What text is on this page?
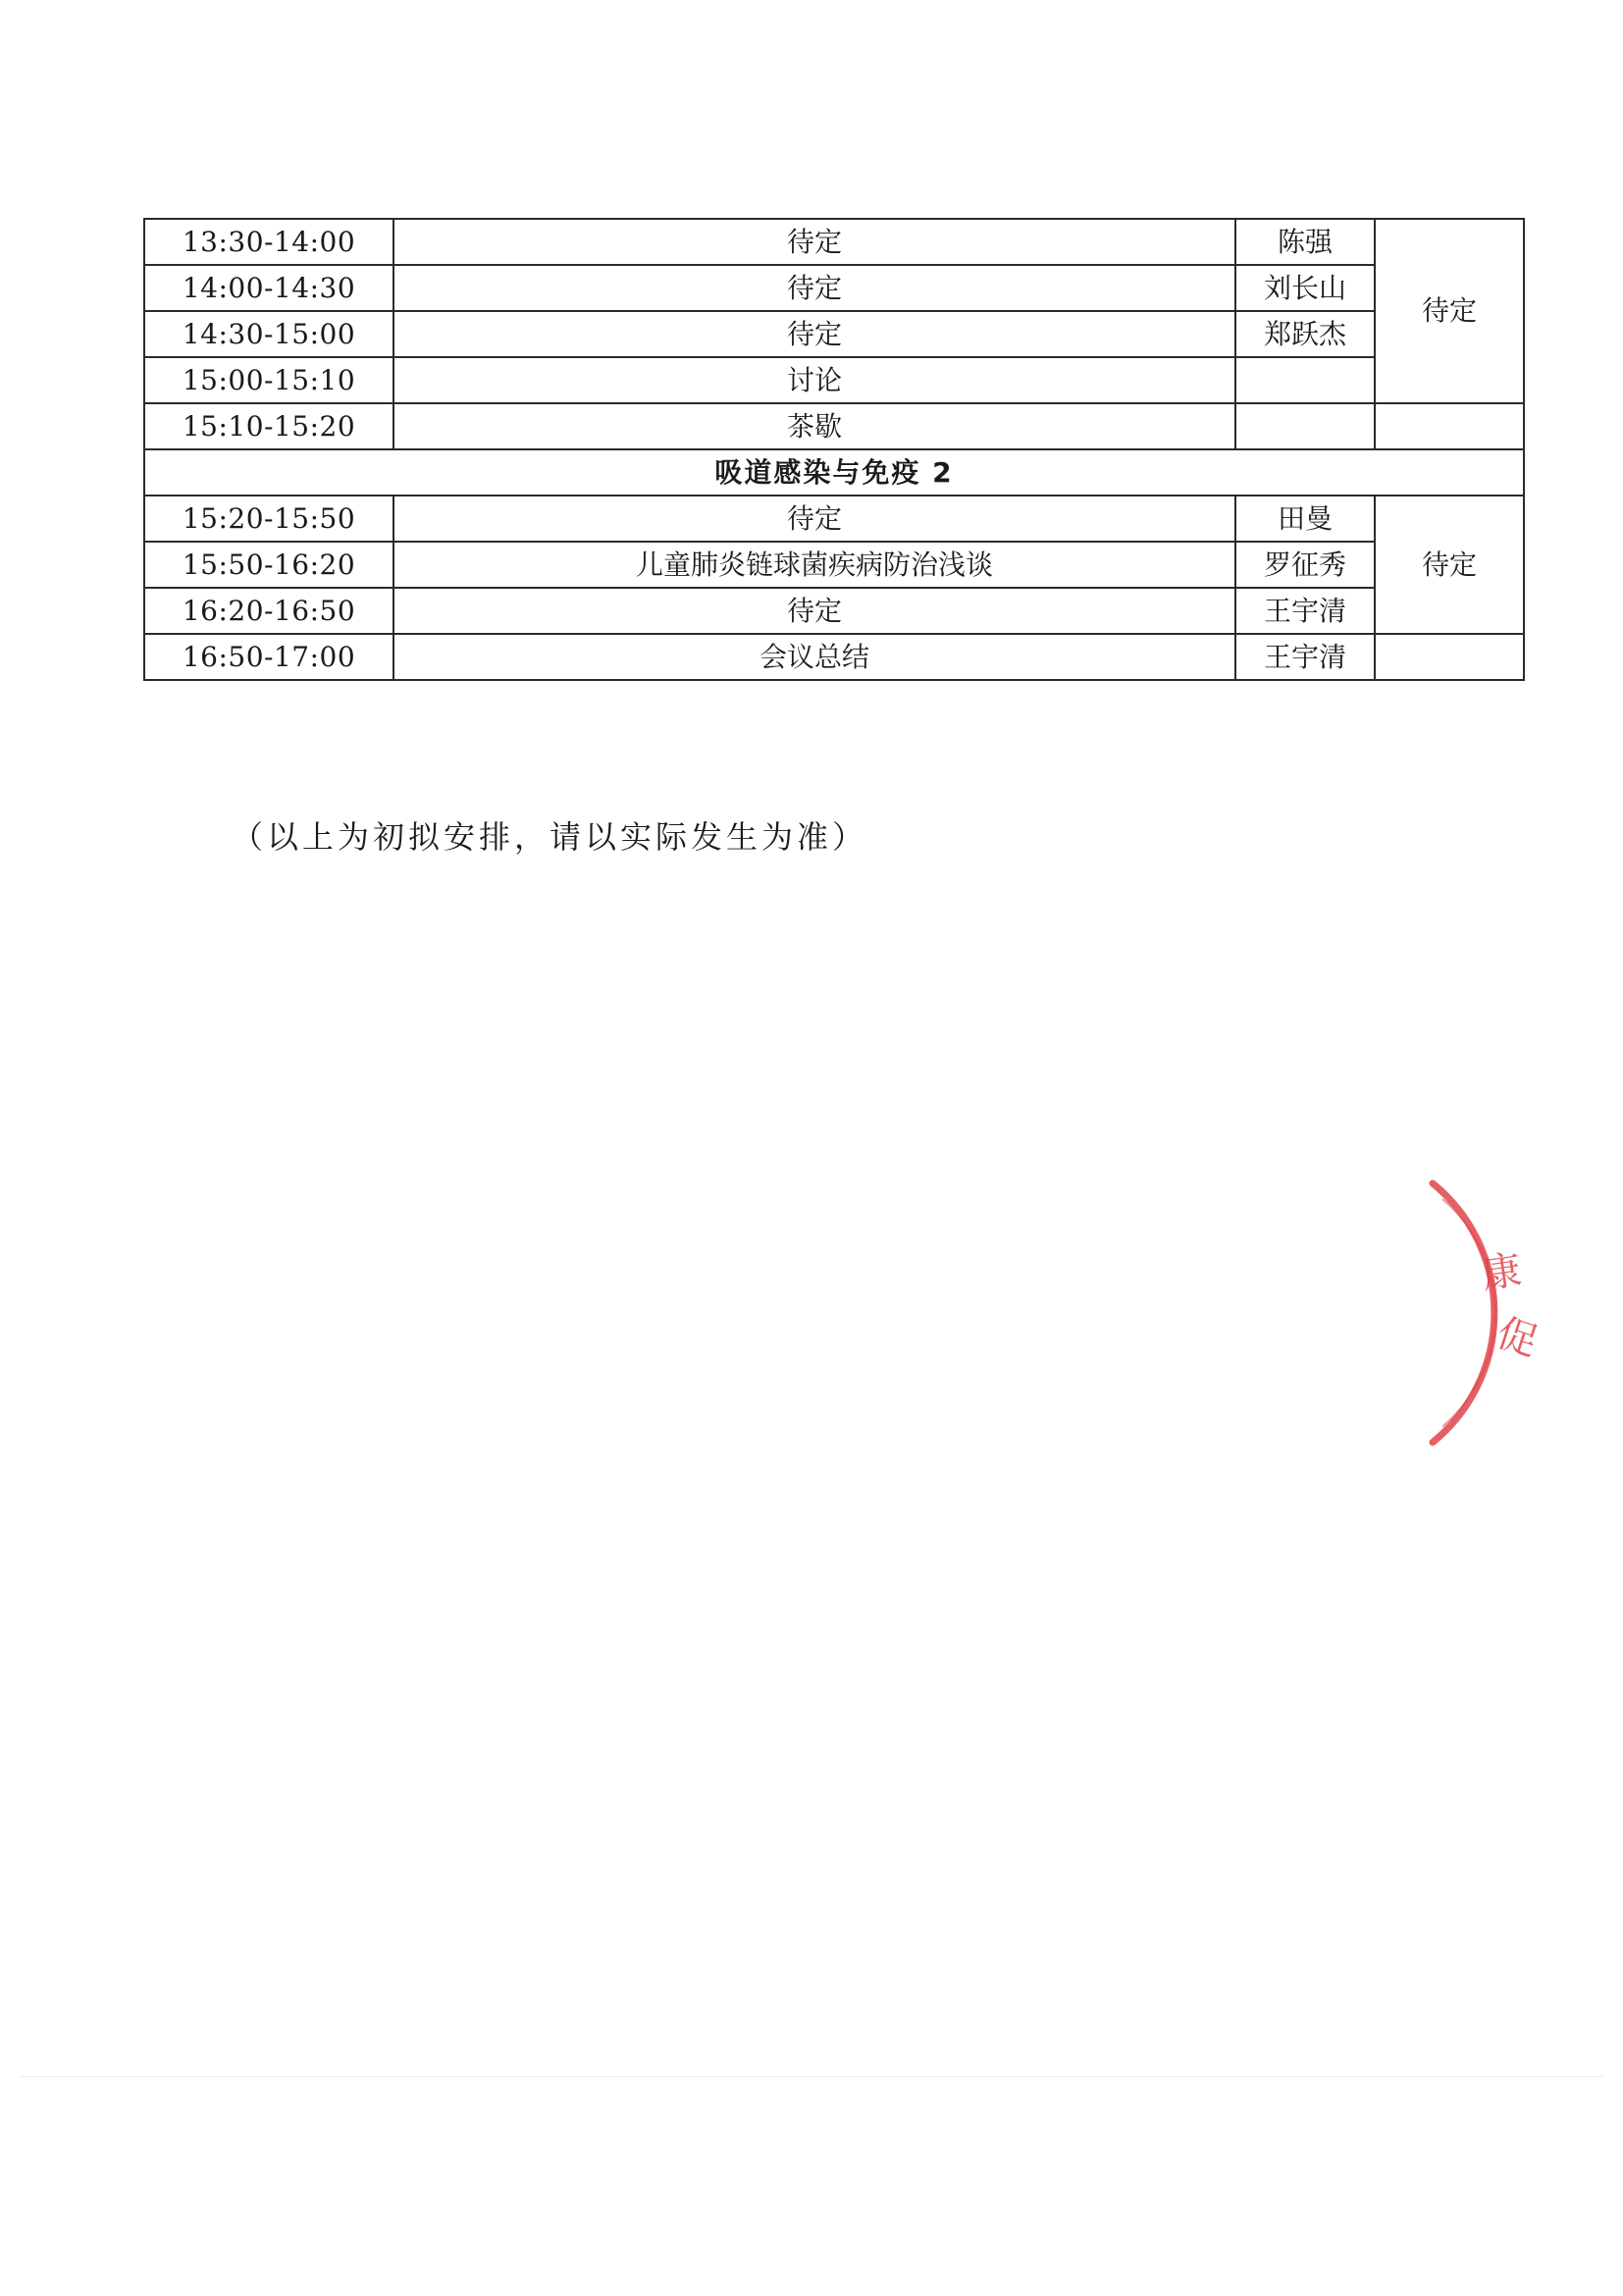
13:30-14:00	待定	陈强	待定
14:00-14:30	待定	刘长山	
14:30-15:00	待定	郑跃杰	
15:00-15:10	讨论		
15:10-15:20	茶歇		
吸道感染与免疫 2			
15:20-15:50	待定	田曼	待定
15:50-16:20	儿童肺炎链球菌疾病防治浅谈	罗征秀	
16:20-16:50	待定	王宇清	
16:50-17:00	会议总结	王宇清	
（以上为初拟安排，请以实际发生为准）
康
促
